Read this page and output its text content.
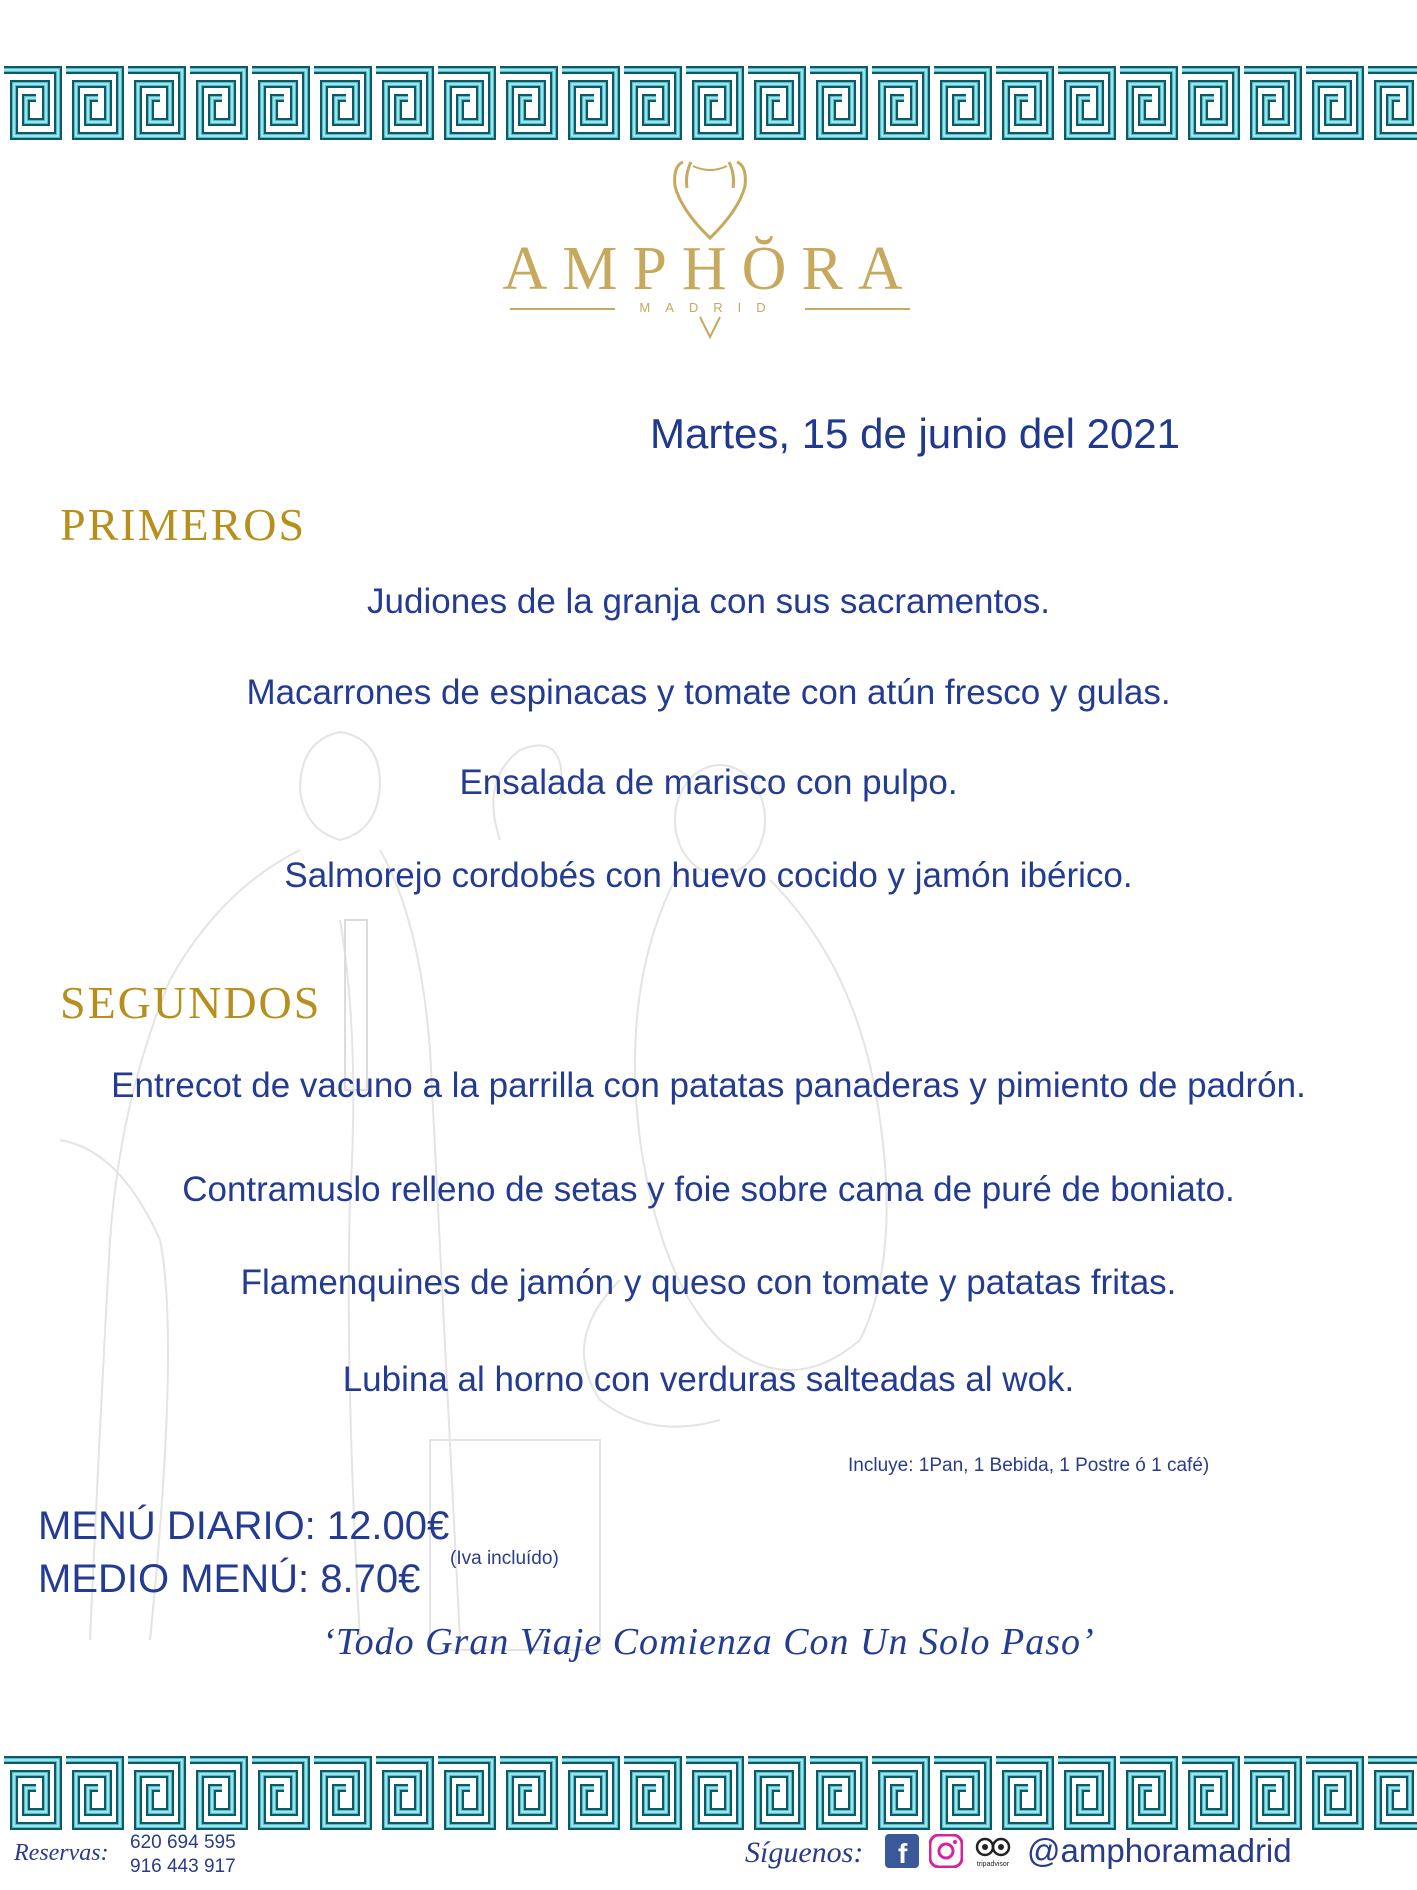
AMPHŎRA
MADRID
Martes, 15 de junio del 2021
PRIMEROS
Judiones de la granja con sus sacramentos.
Macarrones de espinacas y tomate con atún fresco y gulas.
Ensalada de marisco con pulpo.
Salmorejo cordobés con huevo cocido y jamón ibérico.
SEGUNDOS
Entrecot de vacuno a la parrilla con patatas panaderas y pimiento de padrón.
Contramuslo relleno de setas y foie sobre cama de puré de boniato.
Flamenquines de jamón y queso con tomate y patatas fritas.
Lubina al horno con verduras salteadas al wok.
Incluye: 1Pan, 1 Bebida, 1 Postre ó 1 café)
MENÚ DIARIO: 12.00€
MEDIO MENÚ: 8.70€ (Iva incluído)
‘Todo Gran Viaje Comienza Con Un Solo Paso’
Reservas: 620 694 595
916 443 917	Síguenos: f	tripadvisor @amphoramadrid
